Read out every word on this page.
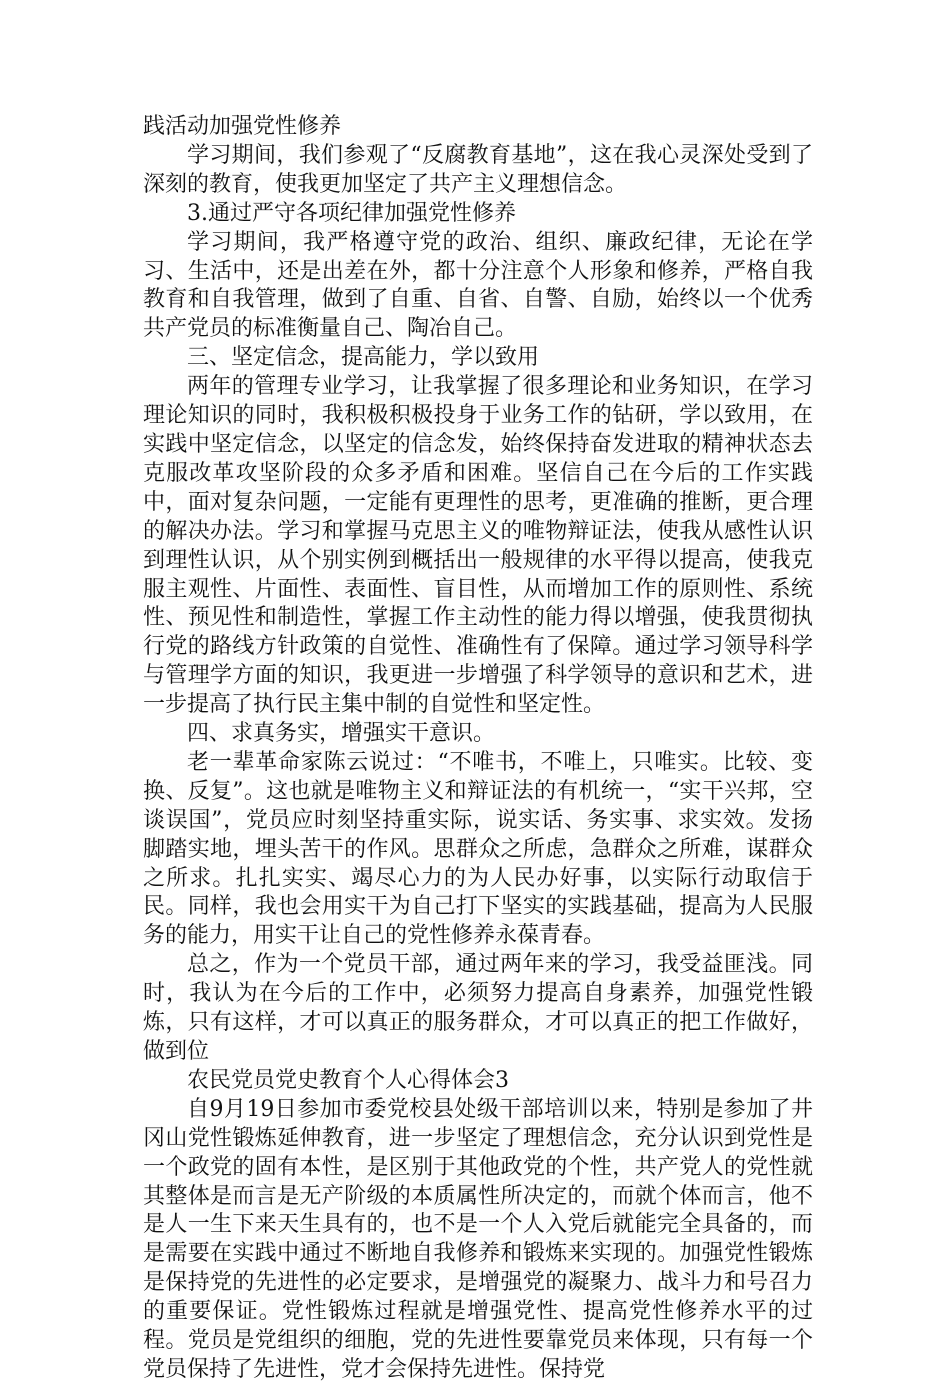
践活动加强党性修养

学习期间，我们参观了“反腐教育基地”，这在我心灵深处受到了深刻的教育，使我更加坚定了共产主义理想信念。

3.通过严守各项纪律加强党性修养

学习期间，我严格遵守党的政治、组织、廉政纪律，无论在学习、生活中，还是出差在外，都十分注意个人形象和修养，严格自我教育和自我管理，做到了自重、自省、自警、自励，始终以一个优秀共产党员的标准衡量自己、陶冶自己。

三、坚定信念，提高能力，学以致用

两年的管理专业学习，让我掌握了很多理论和业务知识，在学习理论知识的同时，我积极积极投身于业务工作的钻研，学以致用，在实践中坚定信念，以坚定的信念发，始终保持奋发进取的精神状态去克服改革攻坚阶段的众多矛盾和困难。坚信自己在今后的工作实践中，面对复杂问题，一定能有更理性的思考，更准确的推断，更合理的解决办法。学习和掌握马克思主义的唯物辩证法，使我从感性认识到理性认识，从个别实例到概括出一般规律的水平得以提高，使我克服主观性、片面性、表面性、盲目性，从而增加工作的原则性、系统性、预见性和制造性，掌握工作主动性的能力得以增强，使我贯彻执行党的路线方针政策的自觉性、准确性有了保障。通过学习领导科学与管理学方面的知识，我更进一步增强了科学领导的意识和艺术，进一步提高了执行民主集中制的自觉性和坚定性。

四、求真务实，增强实干意识。

老一辈革命家陈云说过：“不唯书，不唯上，只唯实。比较、变换、反复”。这也就是唯物主义和辩证法的有机统一，“实干兴邦，空谈误国”，党员应时刻坚持重实际，说实话、务实事、求实效。发扬脚踏实地，埋头苦干的作风。思群众之所虑，急群众之所难，谋群众之所求。扎扎实实、竭尽心力的为人民办好事，以实际行动取信于民。同样，我也会用实干为自己打下坚实的实践基础，提高为人民服务的能力，用实干让自己的党性修养永葆青春。

总之，作为一个党员干部，通过两年来的学习，我受益匪浅。同时，我认为在今后的工作中，必须努力提高自身素养，加强党性锻炼，只有这样，才可以真正的服务群众，才可以真正的把工作做好，做到位

农民党员党史教育个人心得体会3

自9月19日参加市委党校县处级干部培训以来，特别是参加了井冈山党性锻炼延伸教育，进一步坚定了理想信念，充分认识到党性是一个政党的固有本性，是区别于其他政党的个性，共产党人的党性就其整体是而言是无产阶级的本质属性所决定的，而就个体而言，他不是人一生下来天生具有的，也不是一个人入党后就能完全具备的，而是需要在实践中通过不断地自我修养和锻炼来实现的。加强党性锻炼是保持党的先进性的必定要求，是增强党的凝聚力、战斗力和号召力的重要保证。党性锻炼过程就是增强党性、提高党性修养水平的过程。党员是党组织的细胞，党的先进性要靠党员来体现，只有每一个党员保持了先进性，党才会保持先进性。保持党
